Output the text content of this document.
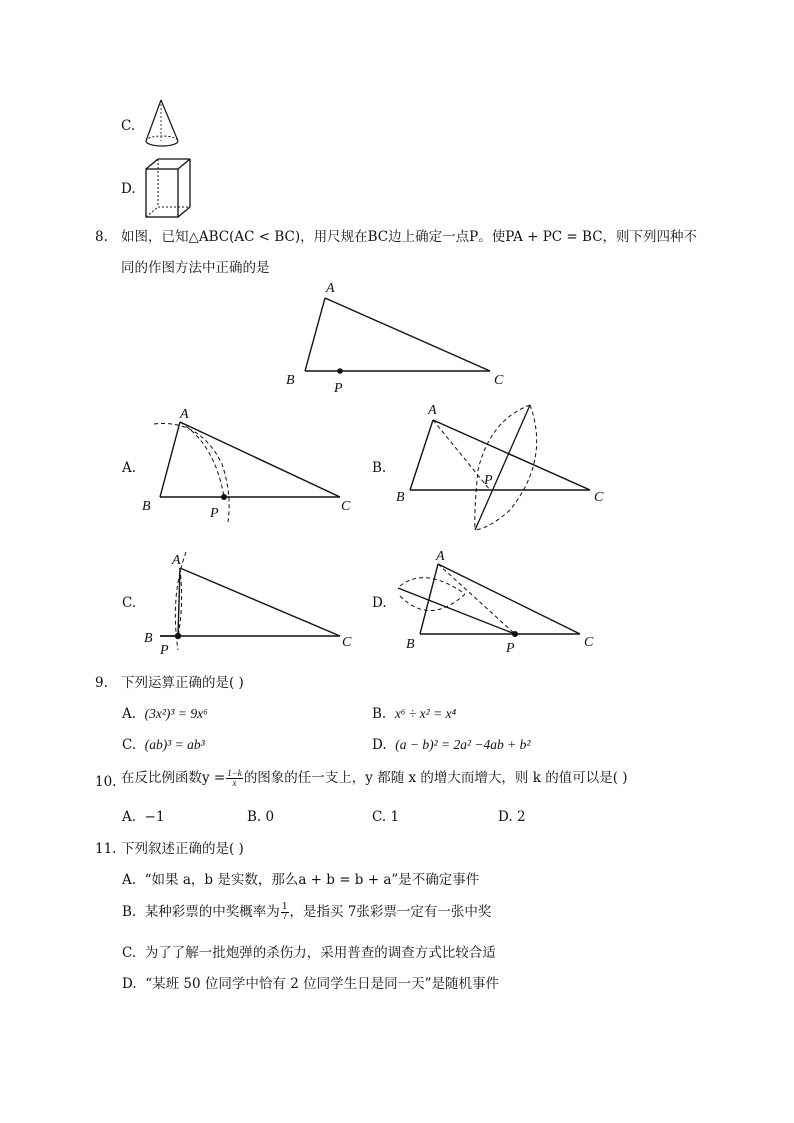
C.
D.
8. 如图，已知△ABC(AC < BC)，用尺规在BC边上确定一点P。使PA + PC = BC，则下列四种不
同的作图方法中正确的是
A
B	C
P
A.
A
B	C
P
B.
A
B	C
P
C.
A
B	C
P
D.
A
B	C
P
9. 下列运算正确的是( )
A. (3x²)³ = 9x⁶	B. x⁶ ÷ x² = x⁴
C. (ab)³ = ab³	D. (a − b)² = 2a² −4ab + b²
10. 在反比例函数$y = \frac{1-k}{x}$ 的图象的任一支上，y 都随 x 的增大而增大，则 k 的值可以是( )
A. −1	B. 0	C. 1	D. 2
11. 下列叙述正确的是( )
A. “如果 a，b 是实数，那么a + b = b + a”是不确定事件
B. 某种彩票的中奖概率为 $\frac{1}{7}$ ，是指买 7张彩票一定有一张中奖
C. 为了了解一批炮弹的杀伤力，采用普查的调查方式比较合适
D. “某班 50 位同学中恰有 2 位同学生日是同一天”是随机事件
